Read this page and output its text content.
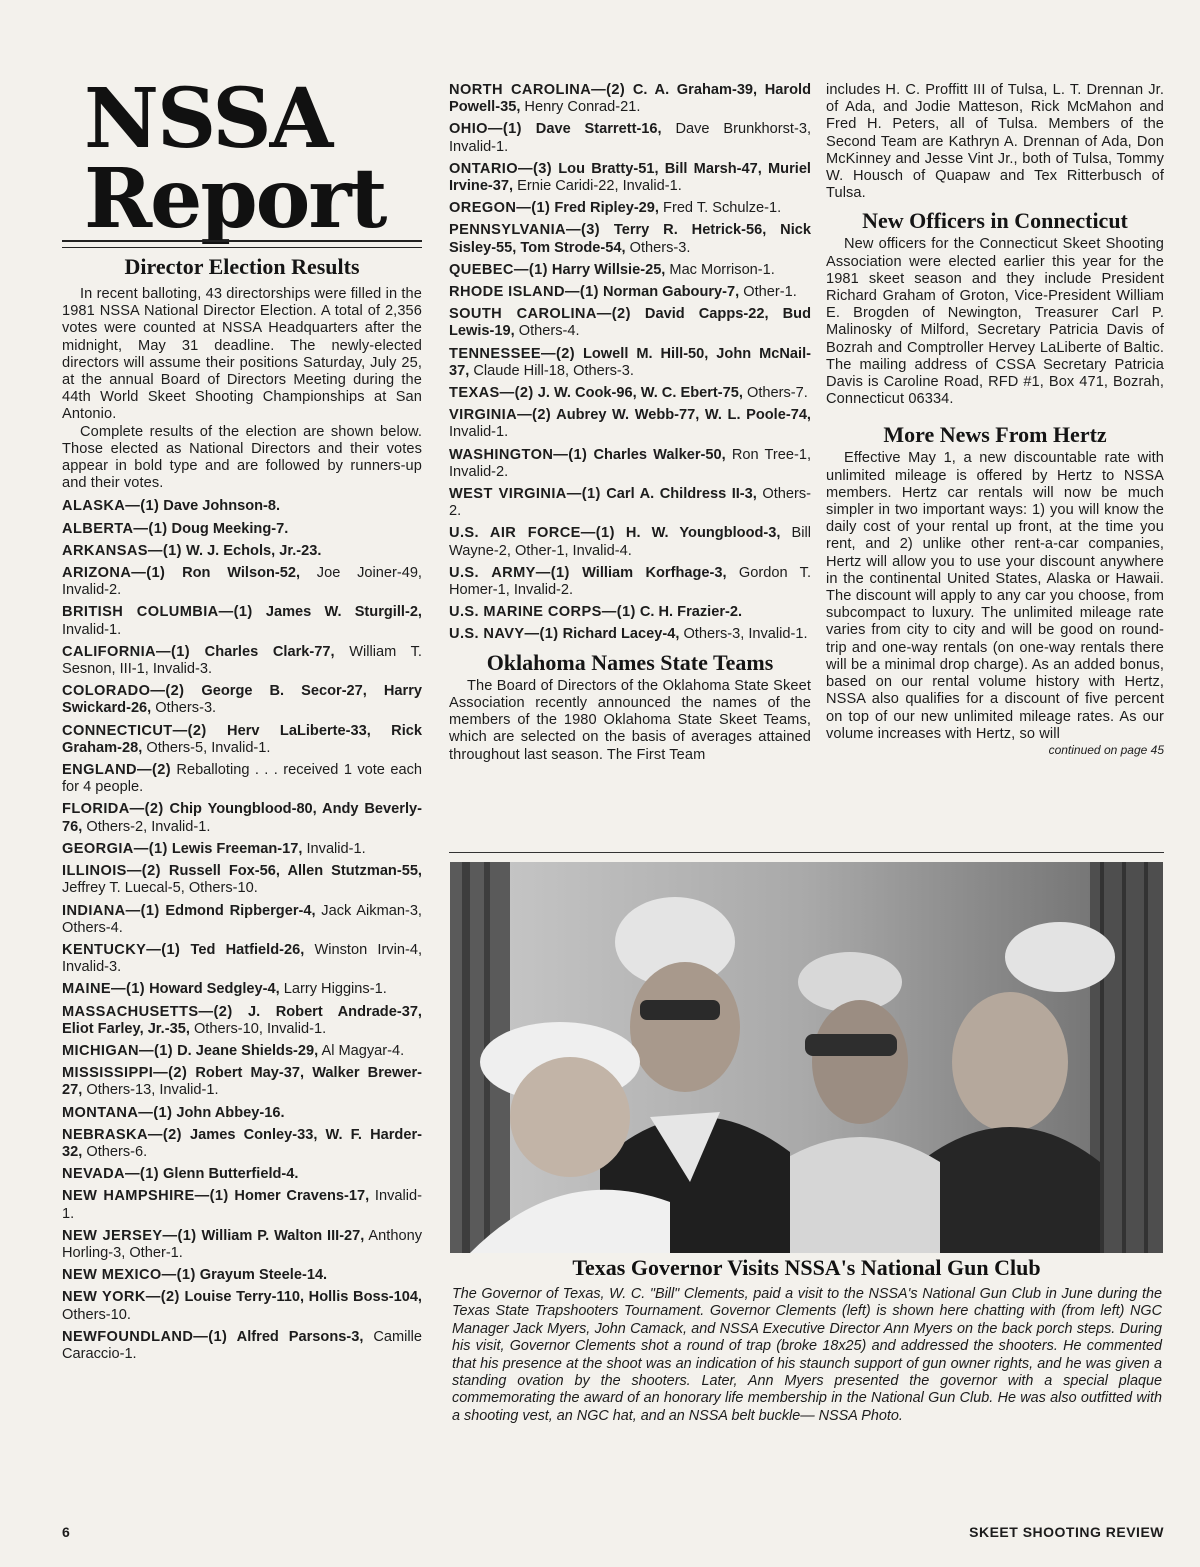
NSSA
Report
Director Election Results

In recent balloting, 43 directorships were filled in the 1981 NSSA National Director Election. A total of 2,356 votes were counted at NSSA Headquarters after the midnight, May 31 deadline. The newly-elected directors will assume their positions Saturday, July 25, at the annual Board of Directors Meeting during the 44th World Skeet Shooting Championships at San Antonio.

Complete results of the election are shown below. Those elected as National Directors and their votes appear in bold type and are followed by runners-up and their votes.

ALASKA—(1) Dave Johnson-8.

ALBERTA—(1) Doug Meeking-7.

ARKANSAS—(1) W. J. Echols, Jr.-23.

ARIZONA—(1) Ron Wilson-52, Joe Joiner-49, Invalid-2.

BRITISH COLUMBIA—(1) James W. Sturgill-2, Invalid-1.

CALIFORNIA—(1) Charles Clark-77, William T. Sesnon, III-1, Invalid-3.

COLORADO—(2) George B. Secor-27, Harry Swickard-26, Others-3.

CONNECTICUT—(2) Herv LaLiberte-33, Rick Graham-28, Others-5, Invalid-1.

ENGLAND—(2) Reballoting . . . received 1 vote each for 4 people.

FLORIDA—(2) Chip Youngblood-80, Andy Beverly-76, Others-2, Invalid-1.

GEORGIA—(1) Lewis Freeman-17, Invalid-1.

ILLINOIS—(2) Russell Fox-56, Allen Stutzman-55, Jeffrey T. Luecal-5, Others-10.

INDIANA—(1) Edmond Ripberger-4, Jack Aikman-3, Others-4.

KENTUCKY—(1) Ted Hatfield-26, Winston Irvin-4, Invalid-3.

MAINE—(1) Howard Sedgley-4, Larry Higgins-1.

MASSACHUSETTS—(2) J. Robert Andrade-37, Eliot Farley, Jr.-35, Others-10, Invalid-1.

MICHIGAN—(1) D. Jeane Shields-29, Al Magyar-4.

MISSISSIPPI—(2) Robert May-37, Walker Brewer-27, Others-13, Invalid-1.

MONTANA—(1) John Abbey-16.

NEBRASKA—(2) James Conley-33, W. F. Harder-32, Others-6.

NEVADA—(1) Glenn Butterfield-4.

NEW HAMPSHIRE—(1) Homer Cravens-17, Invalid-1.

NEW JERSEY—(1) William P. Walton III-27, Anthony Horling-3, Other-1.

NEW MEXICO—(1) Grayum Steele-14.

NEW YORK—(2) Louise Terry-110, Hollis Boss-104, Others-10.

NEWFOUNDLAND—(1) Alfred Parsons-3, Camille Caraccio-1.

NORTH CAROLINA—(2) C. A. Graham-39, Harold Powell-35, Henry Conrad-21.

OHIO—(1) Dave Starrett-16, Dave Brunkhorst-3, Invalid-1.

ONTARIO—(3) Lou Bratty-51, Bill Marsh-47, Muriel Irvine-37, Ernie Caridi-22, Invalid-1.

OREGON—(1) Fred Ripley-29, Fred T. Schulze-1.

PENNSYLVANIA—(3) Terry R. Hetrick-56, Nick Sisley-55, Tom Strode-54, Others-3.

QUEBEC—(1) Harry Willsie-25, Mac Morrison-1.

RHODE ISLAND—(1) Norman Gaboury-7, Other-1.

SOUTH CAROLINA—(2) David Capps-22, Bud Lewis-19, Others-4.

TENNESSEE—(2) Lowell M. Hill-50, John McNail-37, Claude Hill-18, Others-3.

TEXAS—(2) J. W. Cook-96, W. C. Ebert-75, Others-7.

VIRGINIA—(2) Aubrey W. Webb-77, W. L. Poole-74, Invalid-1.

WASHINGTON—(1) Charles Walker-50, Ron Tree-1, Invalid-2.

WEST VIRGINIA—(1) Carl A. Childress II-3, Others-2.

U.S. AIR FORCE—(1) H. W. Youngblood-3, Bill Wayne-2, Other-1, Invalid-4.

U.S. ARMY—(1) William Korfhage-3, Gordon T. Homer-1, Invalid-2.

U.S. MARINE CORPS—(1) C. H. Frazier-2.

U.S. NAVY—(1) Richard Lacey-4, Others-3, Invalid-1.

Oklahoma Names State Teams

The Board of Directors of the Oklahoma State Skeet Association recently announced the names of the members of the 1980 Oklahoma State Skeet Teams, which are selected on the basis of averages attained throughout last season. The First Team

includes H. C. Proffitt III of Tulsa, L. T. Drennan Jr. of Ada, and Jodie Matteson, Rick McMahon and Fred H. Peters, all of Tulsa. Members of the Second Team are Kathryn A. Drennan of Ada, Don McKinney and Jesse Vint Jr., both of Tulsa, Tommy W. Housch of Quapaw and Tex Ritterbusch of Tulsa.

New Officers in Connecticut

New officers for the Connecticut Skeet Shooting Association were elected earlier this year for the 1981 skeet season and they include President Richard Graham of Groton, Vice-President William E. Brogden of Newington, Treasurer Carl P. Malinosky of Milford, Secretary Patricia Davis of Bozrah and Comptroller Hervey LaLiberte of Baltic. The mailing address of CSSA Secretary Patricia Davis is Caroline Road, RFD #1, Box 471, Bozrah, Connecticut 06334.

More News From Hertz

Effective May 1, a new discountable rate with unlimited mileage is offered by Hertz to NSSA members. Hertz car rentals will now be much simpler in two important ways: 1) you will know the daily cost of your rental up front, at the time you rent, and 2) unlike other rent-a-car companies, Hertz will allow you to use your discount anywhere in the continental United States, Alaska or Hawaii. The discount will apply to any car you choose, from subcompact to luxury. The unlimited mileage rate varies from city to city and will be good on round-trip and one-way rentals (on one-way rentals there will be a minimal drop charge). As an added bonus, based on our rental volume history with Hertz, NSSA also qualifies for a discount of five percent on top of our new unlimited mileage rates. As our volume increases with Hertz, so will

continued on page 45

Texas Governor Visits NSSA's National Gun Club

The Governor of Texas, W. C. "Bill" Clements, paid a visit to the NSSA's National Gun Club in June during the Texas State Trapshooters Tournament. Governor Clements (left) is shown here chatting with (from left) NGC Manager Jack Myers, John Camack, and NSSA Executive Director Ann Myers on the back porch steps. During his visit, Governor Clements shot a round of trap (broke 18x25) and addressed the shooters. He commented that his presence at the shoot was an indication of his staunch support of gun owner rights, and he was given a standing ovation by the shooters. Later, Ann Myers presented the governor with a special plaque commemorating the award of an honorary life membership in the National Gun Club. He was also outfitted with a shooting vest, an NGC hat, and an NSSA belt buckle— NSSA Photo.

6	SKEET SHOOTING REVIEW
